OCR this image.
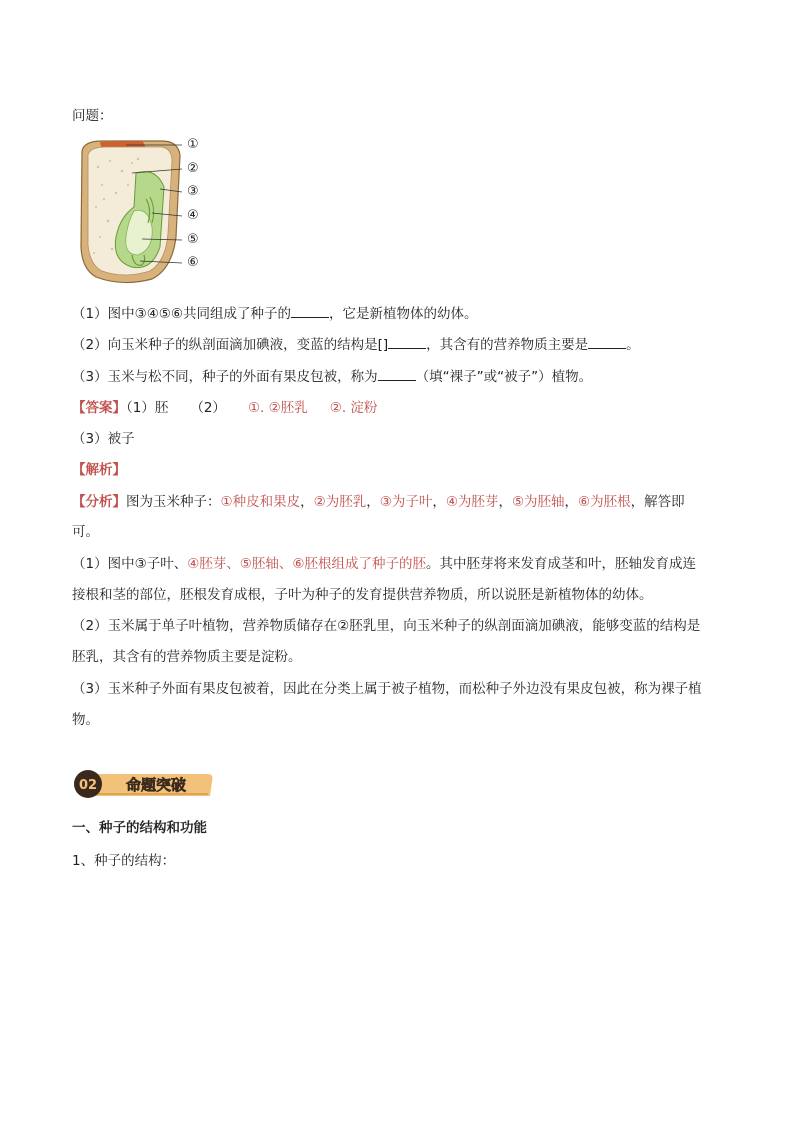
问题：
①
②
③
④
⑤
⑥
（1）图中③④⑤⑥共同组成了种子的	，它是新植物体的幼体。
（2）向玉米种子的纵剖面滴加碘液，变蓝的结构是[]	，其含有的营养物质主要是	。
（3）玉米与松不同，种子的外面有果皮包被，称为	（填“裸子”或“被子”）植物。
【答案】（1）胚 （2） ①. ②胚乳 ②. 淀粉
（3）被子
【解析】
【分析】图为玉米种子：①种皮和果皮，②为胚乳，③为子叶，④为胚芽，⑤为胚轴，⑥为胚根，解答即
可。
（1）图中③子叶、④胚芽、⑤胚轴、⑥胚根组成了种子的胚。其中胚芽将来发育成茎和叶，胚轴发育成连
接根和茎的部位，胚根发育成根，子叶为种子的发育提供营养物质，所以说胚是新植物体的幼体。
（2）玉米属于单子叶植物，营养物质储存在②胚乳里，向玉米种子的纵剖面滴加碘液，能够变蓝的结构是
胚乳，其含有的营养物质主要是淀粉。
（3）玉米种子外面有果皮包被着，因此在分类上属于被子植物，而松种子外边没有果皮包被，称为裸子植
物。
02 命题突破
一、种子的结构和功能
1、种子的结构：
